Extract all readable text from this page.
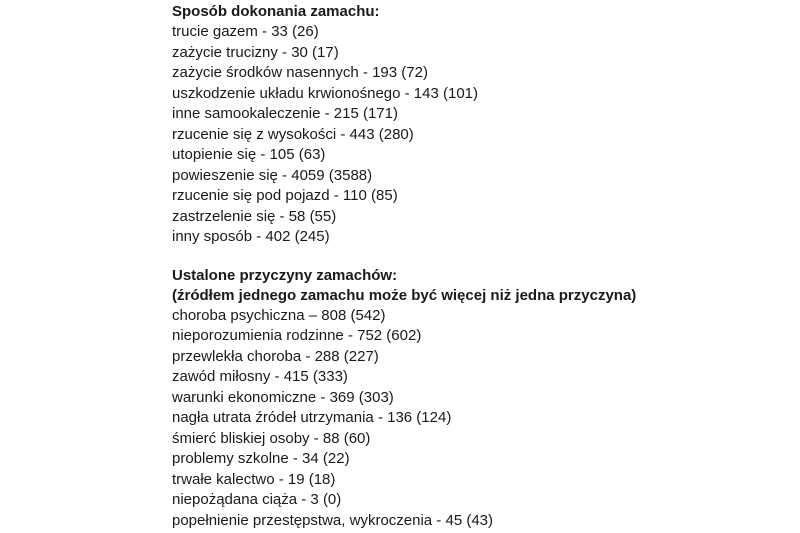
Sposób dokonania zamachu:
trucie gazem - 33 (26)
zażycie trucizny - 30 (17)
zażycie środków nasennych - 193 (72)
uszkodzenie układu krwionośnego - 143 (101)
inne samookaleczenie - 215 (171)
rzucenie się z wysokości - 443 (280)
utopienie się - 105 (63)
powieszenie się - 4059 (3588)
rzucenie się pod pojazd - 110 (85)
zastrzelenie się - 58 (55)
inny sposób - 402 (245)
Ustalone przyczyny zamachów:
(źródłem jednego zamachu może być więcej niż jedna przyczyna)
choroba psychiczna – 808 (542)
nieporozumienia rodzinne - 752 (602)
przewlekła choroba - 288 (227)
zawód miłosny - 415 (333)
warunki ekonomiczne - 369 (303)
nagła utrata źródeł utrzymania - 136 (124)
śmierć bliskiej osoby - 88 (60)
problemy szkolne - 34 (22)
trwałe kalectwo - 19 (18)
niepożądana ciąża - 3 (0)
popełnienie przestępstwa, wykroczenia - 45 (43)
